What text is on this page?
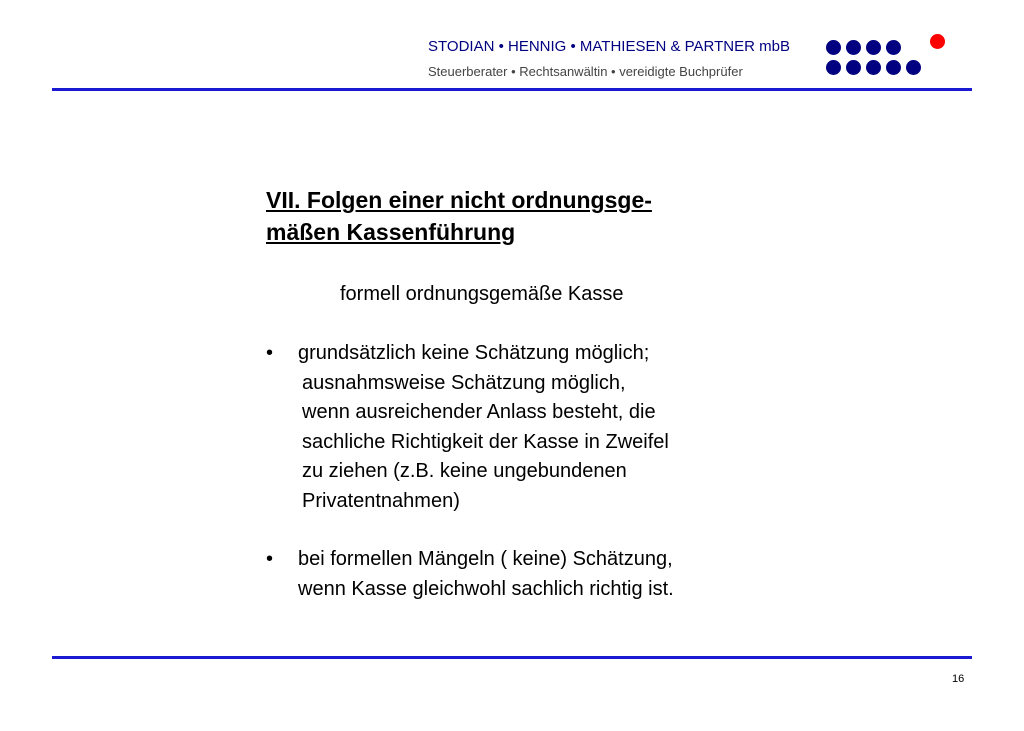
STODIAN • HENNIG • MATHIESEN & PARTNER mbB
Steuerberater • Rechtsanwältin • vereidigte Buchprüfer
VII. Folgen einer nicht ordnungsge-
mäßen Kassenführung
formell ordnungsgemäße Kasse
• grundsätzlich keine Schätzung möglich;
ausnahmsweise Schätzung möglich,
wenn ausreichender Anlass besteht, die
sachliche Richtigkeit der Kasse in Zweifel
zu ziehen (z.B. keine ungebundenen
Privatentnahmen)
• bei formellen Mängeln ( keine) Schätzung,
wenn Kasse gleichwohl sachlich richtig ist.
16
